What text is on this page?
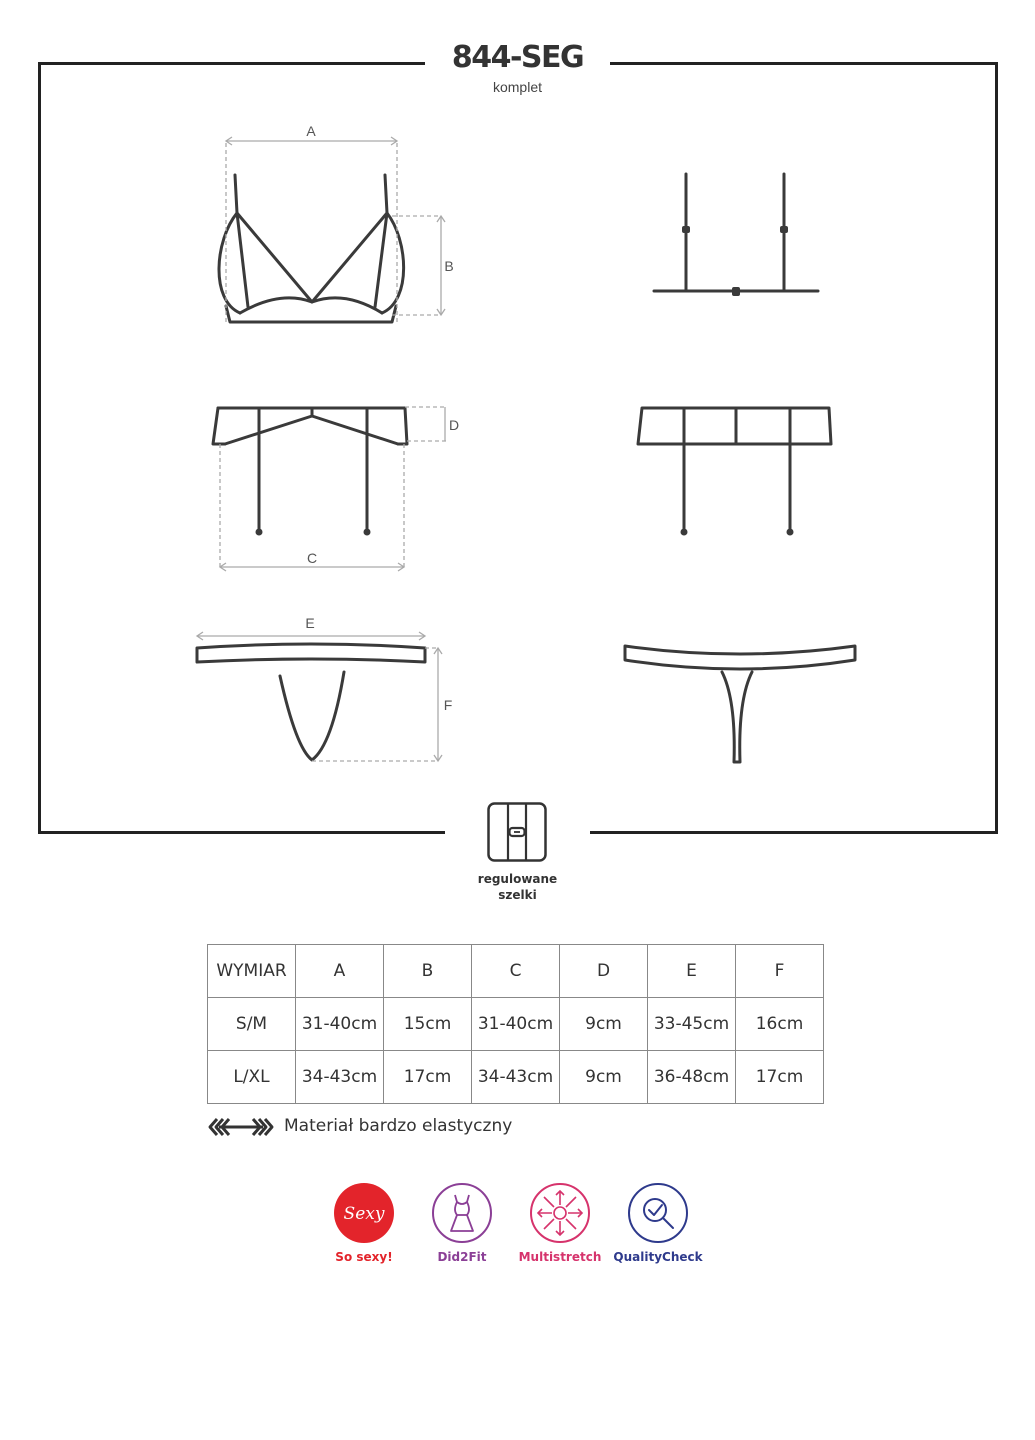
844-SEG
komplet
A
B
C
D
E
F
regulowane
szelki
WYMIAR	A	B	C	D	E	F
S/M	31-40cm	15cm	31-40cm	9cm	33-45cm	16cm
L/XL	34-43cm	17cm	34-43cm	9cm	36-48cm	17cm
Materiał bardzo elastyczny
Sexy
So sexy!	Did2Fit	Multistretch	QualityCheck
